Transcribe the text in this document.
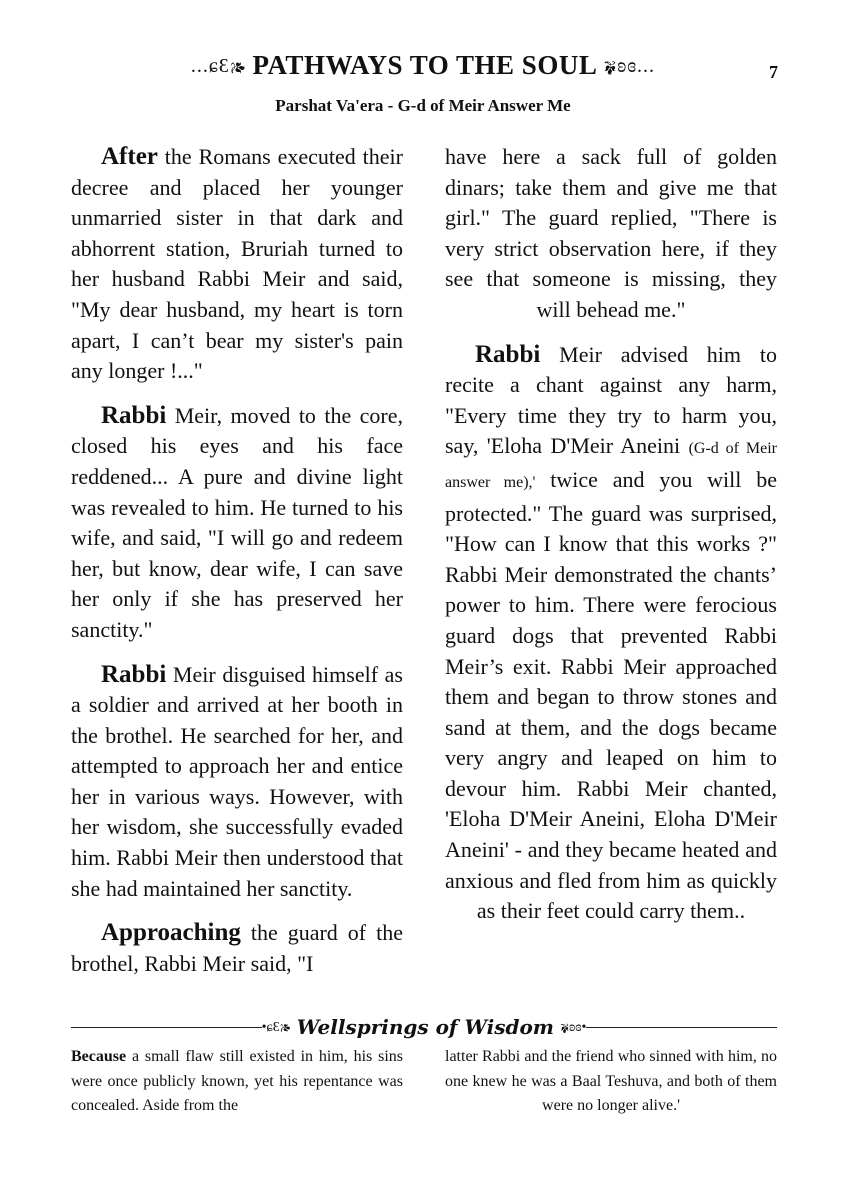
...ɕƐ🙕 PATHWAYS TO THE SOUL 🙗ʚɞ...	7
Parshat Va'era - G-d of Meir Answer Me

After the Romans executed their decree and placed her younger unmarried sister in that dark and abhorrent station, Bruriah turned to her husband Rabbi Meir and said, "My dear husband, my heart is torn apart, I can’t bear my sister's pain any longer !..."

Rabbi Meir, moved to the core, closed his eyes and his face reddened... A pure and divine light was revealed to him. He turned to his wife, and said, "I will go and redeem her, but know, dear wife, I can save her only if she has preserved her sanctity."

Rabbi Meir disguised himself as a soldier and arrived at her booth in the brothel. He searched for her, and attempted to approach her and entice her in various ways. However, with her wisdom, she successfully evaded him. Rabbi Meir then understood that she had maintained her sanctity.

Approaching the guard of the brothel, Rabbi Meir said, "I

have here a sack full of golden dinars; take them and give me that girl." The guard replied, "There is very strict observation here, if they see that someone is missing, they will behead me."

Rabbi Meir advised him to recite a chant against any harm, "Every time they try to harm you, say, 'Eloha D'Meir Aneini (G-d of Meir answer me),' twice and you will be protected." The guard was surprised, "How can I know that this works ?" Rabbi Meir demonstrated the chants’ power to him. There were ferocious guard dogs that prevented Rabbi Meir’s exit. Rabbi Meir approached them and began to throw stones and sand at them, and the dogs became very angry and leaped on him to devour him. Rabbi Meir chanted, 'Eloha D'Meir Aneini, Eloha D'Meir Aneini' - and they became heated and anxious and fled from him as quickly as their feet could carry them..

•ɕƐ🙕 Wellsprings of Wisdom 🙗ʚɞ•

Because a small flaw still existed in him, his sins were once publicly known, yet his repentance was concealed. Aside from the

latter Rabbi and the friend who sinned with him, no one knew he was a Baal Teshuva, and both of them were no longer alive.'
